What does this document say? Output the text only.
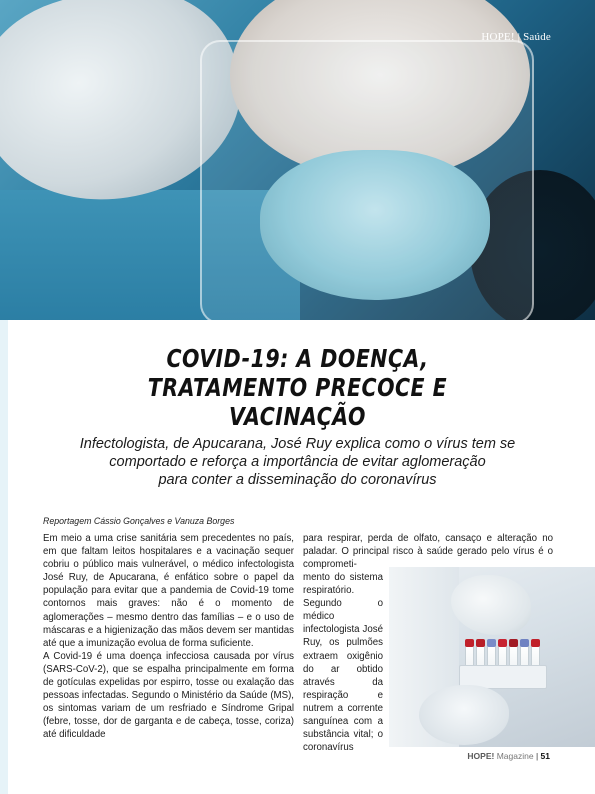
HOPE! | Saúde
COVID-19: A DOENÇA,
TRATAMENTO PRECOCE E VACINAÇÃO
Infectologista, de Apucarana, José Ruy explica como o vírus tem se
comportado e reforça a importância de evitar aglomeração
para conter a disseminação do coronavírus
Reportagem Cássio Gonçalves e Vanuza Borges

Em meio a uma crise sanitária sem precedentes no país, em que faltam leitos hospitalares e a vacinação sequer cobriu o público mais vulnerável, o médico infectologista José Ruy, de Apucarana, é enfático sobre o papel da população para evitar que a pandemia de Covid-19 tome contornos mais graves: não é o momento de aglomerações – mesmo dentro das famílias – e o uso de máscaras e a higienização das mãos devem ser mantidas até que a imunização evolua de forma suficiente.

A Covid-19 é uma doença infecciosa causada por vírus (SARS-CoV-2), que se espalha principalmente em forma de gotículas expelidas por espirro, tosse ou exalação das pessoas infectadas. Segundo o Ministério da Saúde (MS), os sintomas variam de um resfriado e Síndrome Gripal (febre, tosse, dor de garganta e de cabeça, tosse, coriza) até dificuldade

para respirar, perda de olfato, cansaço e alteração no paladar. O principal risco à saúde gerado pelo vírus é o comprometi-

mento do sistema respiratório. Segundo o médico infectologista José Ruy, os pulmões extraem oxigênio do ar obtido através da respiração e nutrem a corrente sanguínea com a substância vital; o coronavírus

HOPE! Magazine | 51
